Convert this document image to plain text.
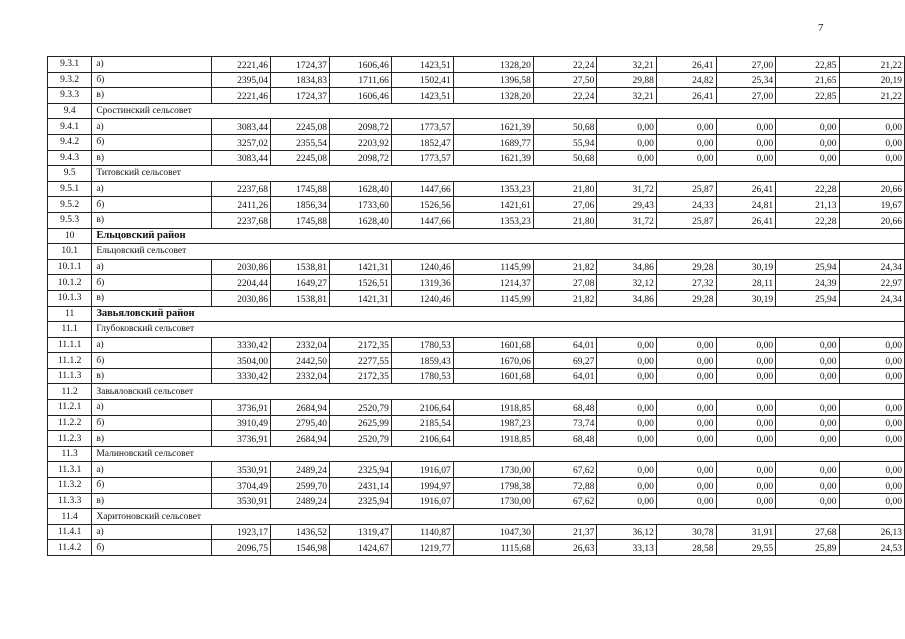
7
9.3.1	а)	2221,46	1724,37	1606,46	1423,51	1328,20	22,24	32,21	26,41	27,00	22,85	21,22
9.3.2	б)	2395,04	1834,83	1711,66	1502,41	1396,58	27,50	29,88	24,82	25,34	21,65	20,19
9.3.3	в)	2221,46	1724,37	1606,46	1423,51	1328,20	22,24	32,21	26,41	27,00	22,85	21,22
9.4	Сростинский сельсовет											
9.4.1	а)	3083,44	2245,08	2098,72	1773,57	1621,39	50,68	0,00	0,00	0,00	0,00	0,00
9.4.2	б)	3257,02	2355,54	2203,92	1852,47	1689,77	55,94	0,00	0,00	0,00	0,00	0,00
9.4.3	в)	3083,44	2245,08	2098,72	1773,57	1621,39	50,68	0,00	0,00	0,00	0,00	0,00
9.5	Титовский сельсовет											
9.5.1	а)	2237,68	1745,88	1628,40	1447,66	1353,23	21,80	31,72	25,87	26,41	22,28	20,66
9.5.2	б)	2411,26	1856,34	1733,60	1526,56	1421,61	27,06	29,43	24,33	24,81	21,13	19,67
9.5.3	в)	2237,68	1745,88	1628,40	1447,66	1353,23	21,80	31,72	25,87	26,41	22,28	20,66
10	Ельцовский район											
10.1	Ельцовский сельсовет											
10.1.1	а)	2030,86	1538,81	1421,31	1240,46	1145,99	21,82	34,86	29,28	30,19	25,94	24,34
10.1.2	б)	2204,44	1649,27	1526,51	1319,36	1214,37	27,08	32,12	27,32	28,11	24,39	22,97
10.1.3	в)	2030,86	1538,81	1421,31	1240,46	1145,99	21,82	34,86	29,28	30,19	25,94	24,34
11	Завьяловский район											
11.1	Глубоковский сельсовет											
11.1.1	а)	3330,42	2332,04	2172,35	1780,53	1601,68	64,01	0,00	0,00	0,00	0,00	0,00
11.1.2	б)	3504,00	2442,50	2277,55	1859,43	1670,06	69,27	0,00	0,00	0,00	0,00	0,00
11.1.3	в)	3330,42	2332,04	2172,35	1780,53	1601,68	64,01	0,00	0,00	0,00	0,00	0,00
11.2	Завьяловский сельсовет											
11.2.1	а)	3736,91	2684,94	2520,79	2106,64	1918,85	68,48	0,00	0,00	0,00	0,00	0,00
11.2.2	б)	3910,49	2795,40	2625,99	2185,54	1987,23	73,74	0,00	0,00	0,00	0,00	0,00
11.2.3	в)	3736,91	2684,94	2520,79	2106,64	1918,85	68,48	0,00	0,00	0,00	0,00	0,00
11.3	Малиновский сельсовет											
11.3.1	а)	3530,91	2489,24	2325,94	1916,07	1730,00	67,62	0,00	0,00	0,00	0,00	0,00
11.3.2	б)	3704,49	2599,70	2431,14	1994,97	1798,38	72,88	0,00	0,00	0,00	0,00	0,00
11.3.3	в)	3530,91	2489,24	2325,94	1916,07	1730,00	67,62	0,00	0,00	0,00	0,00	0,00
11.4	Харитоновский сельсовет											
11.4.1	а)	1923,17	1436,52	1319,47	1140,87	1047,30	21,37	36,12	30,78	31,91	27,68	26,13
11.4.2	б)	2096,75	1546,98	1424,67	1219,77	1115,68	26,63	33,13	28,58	29,55	25,89	24,53
